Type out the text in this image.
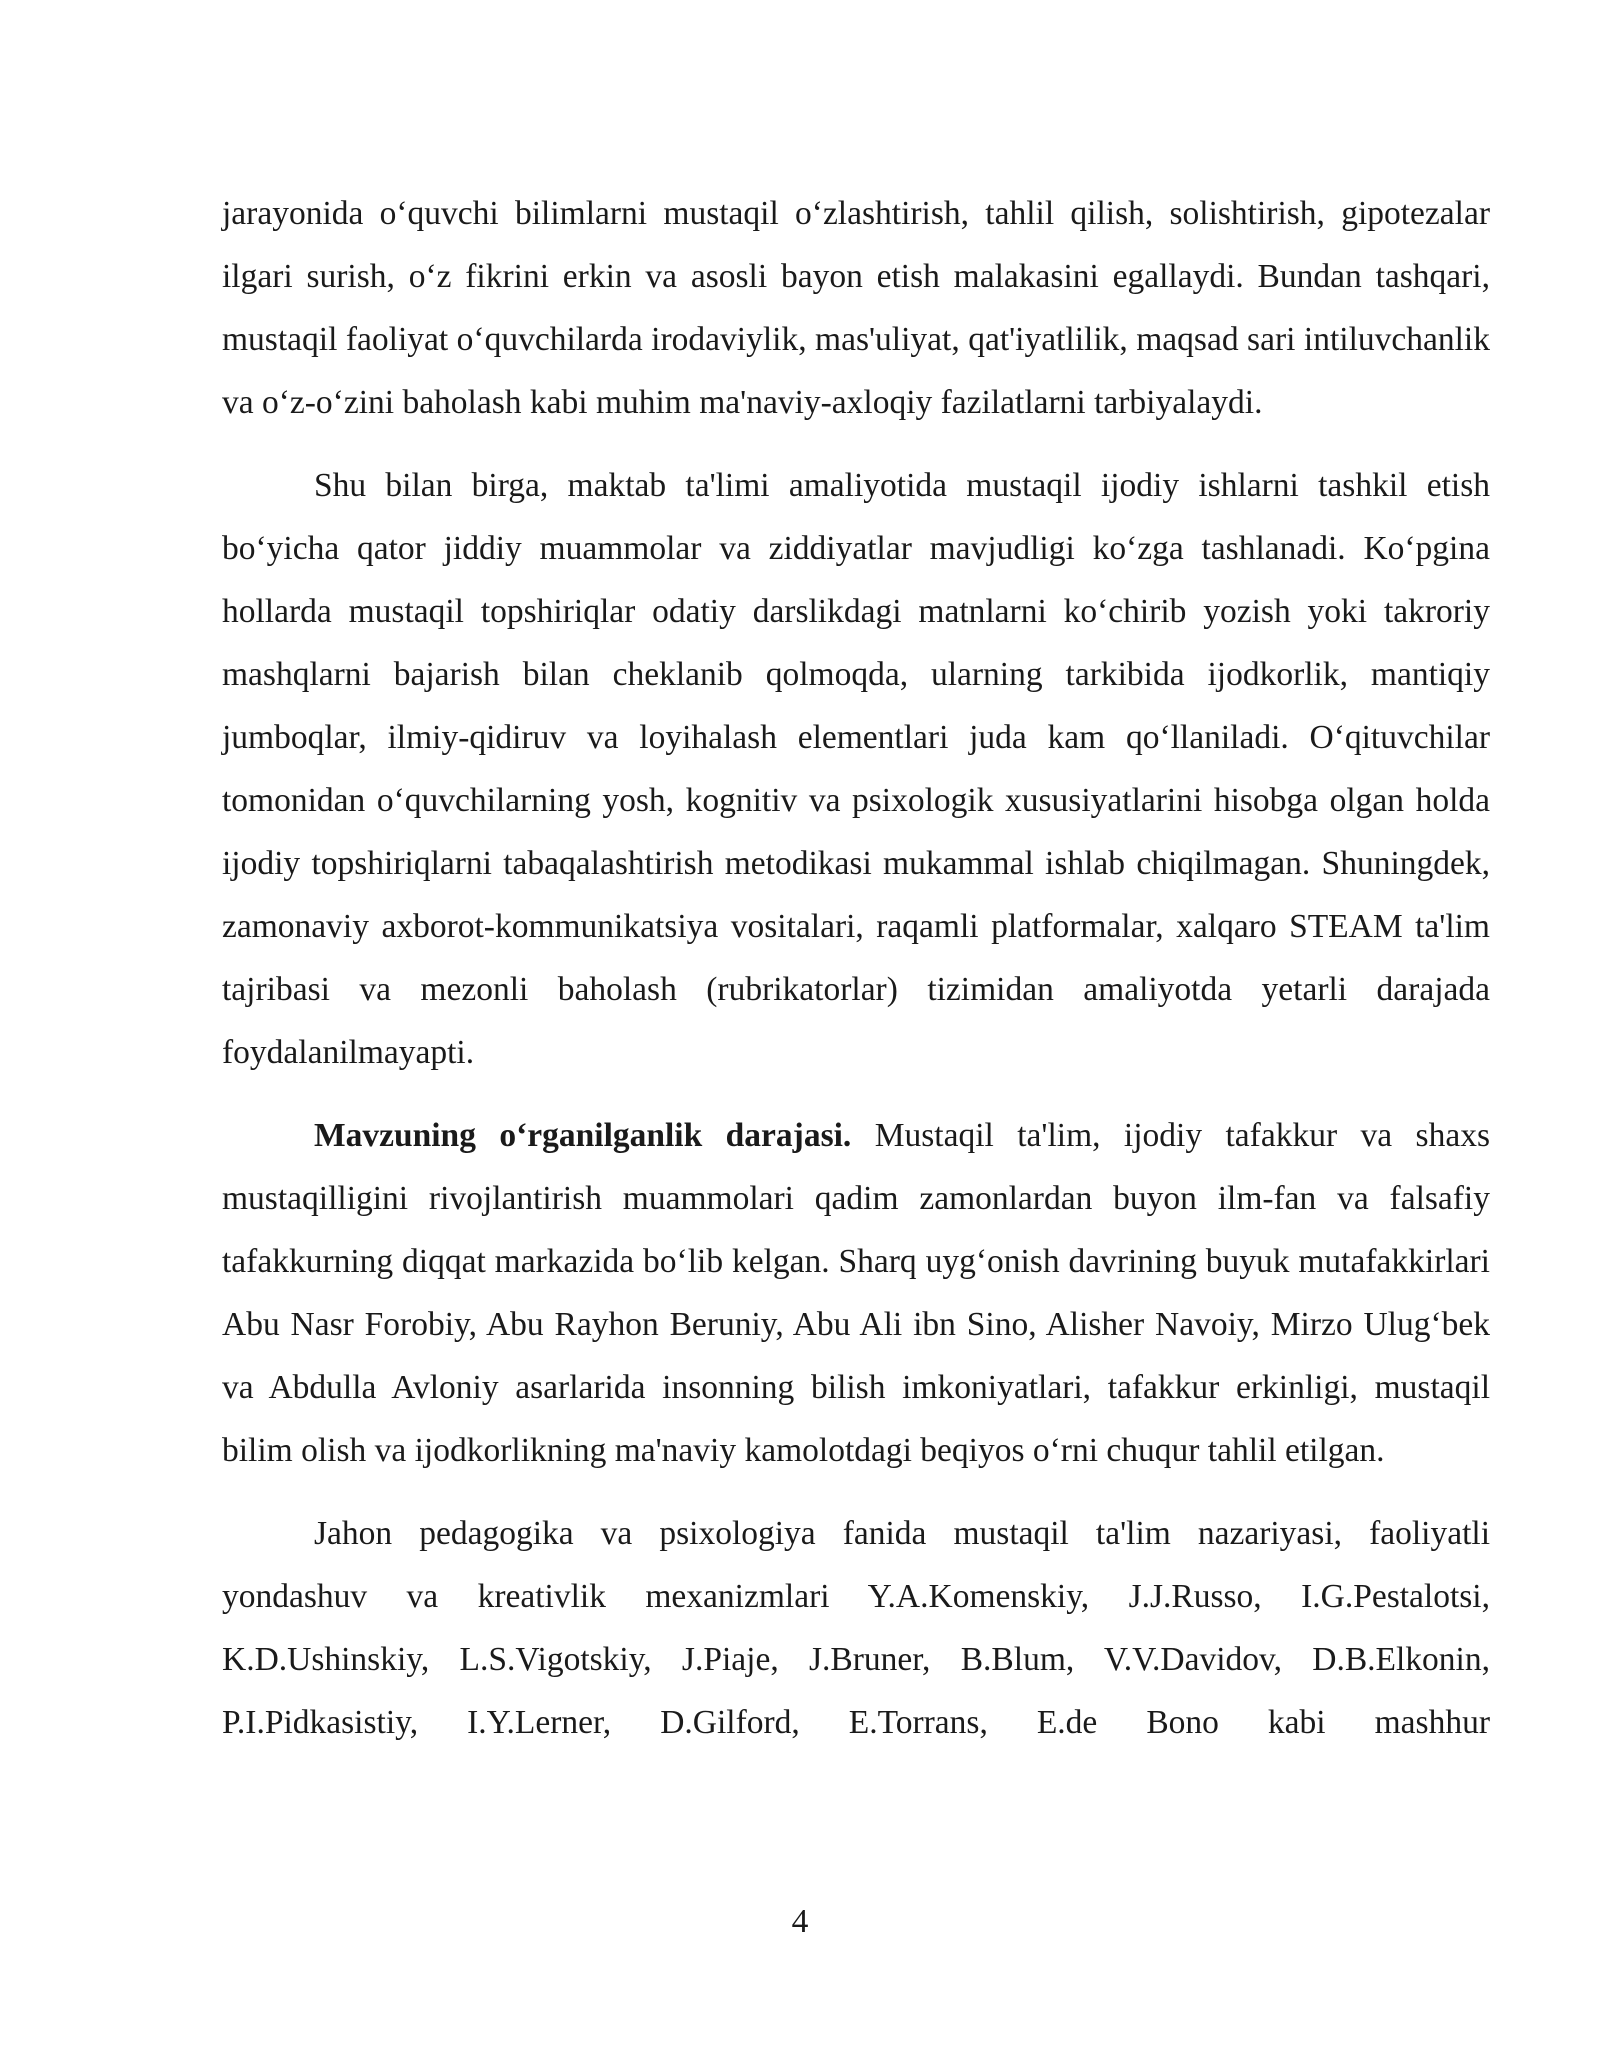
jarayonida o‘quvchi bilimlarni mustaqil o‘zlashtirish, tahlil qilish, solishtirish, gipotezalar ilgari surish, o‘z fikrini erkin va asosli bayon etish malakasini egallaydi. Bundan tashqari, mustaqil faoliyat o‘quvchilarda irodaviylik, mas'uliyat, qat'iyatlilik, maqsad sari intiluvchanlik va o‘z-o‘zini baholash kabi muhim ma'naviy-axloqiy fazilatlarni tarbiyalaydi.

Shu bilan birga, maktab ta'limi amaliyotida mustaqil ijodiy ishlarni tashkil etish bo‘yicha qator jiddiy muammolar va ziddiyatlar mavjudligi ko‘zga tashlanadi. Ko‘pgina hollarda mustaqil topshiriqlar odatiy darslikdagi matnlarni ko‘chirib yozish yoki takroriy mashqlarni bajarish bilan cheklanib qolmoqda, ularning tarkibida ijodkorlik, mantiqiy jumboqlar, ilmiy-qidiruv va loyihalash elementlari juda kam qo‘llaniladi. O‘qituvchilar tomonidan o‘quvchilarning yosh, kognitiv va psixologik xususiyatlarini hisobga olgan holda ijodiy topshiriqlarni tabaqalashtirish metodikasi mukammal ishlab chiqilmagan. Shuningdek, zamonaviy axborot-kommunikatsiya vositalari, raqamli platformalar, xalqaro STEAM ta'lim tajribasi va mezonli baholash (rubrikatorlar) tizimidan amaliyotda yetarli darajada foydalanilmayapti.

Mavzuning o‘rganilganlik darajasi. Mustaqil ta'lim, ijodiy tafakkur va shaxs mustaqilligini rivojlantirish muammolari qadim zamonlardan buyon ilm-fan va falsafiy tafakkurning diqqat markazida bo‘lib kelgan. Sharq uyg‘onish davrining buyuk mutafakkirlari Abu Nasr Forobiy, Abu Rayhon Beruniy, Abu Ali ibn Sino, Alisher Navoiy, Mirzo Ulug‘bek va Abdulla Avloniy asarlarida insonning bilish imkoniyatlari, tafakkur erkinligi, mustaqil bilim olish va ijodkorlikning ma'naviy kamolotdagi beqiyos o‘rni chuqur tahlil etilgan.

Jahon pedagogika va psixologiya fanida mustaqil ta'lim nazariyasi, faoliyatli yondashuv va kreativlik mexanizmlari Y.A.Komenskiy, J.J.Russo, I.G.Pestalotsi, K.D.Ushinskiy, L.S.Vigotskiy, J.Piaje, J.Bruner, B.Blum, V.V.Davidov, D.B.Elkonin, P.I.Pidkasistiy, I.Y.Lerner, D.Gilford, E.Torrans, E.de Bono kabi mashhur

4
